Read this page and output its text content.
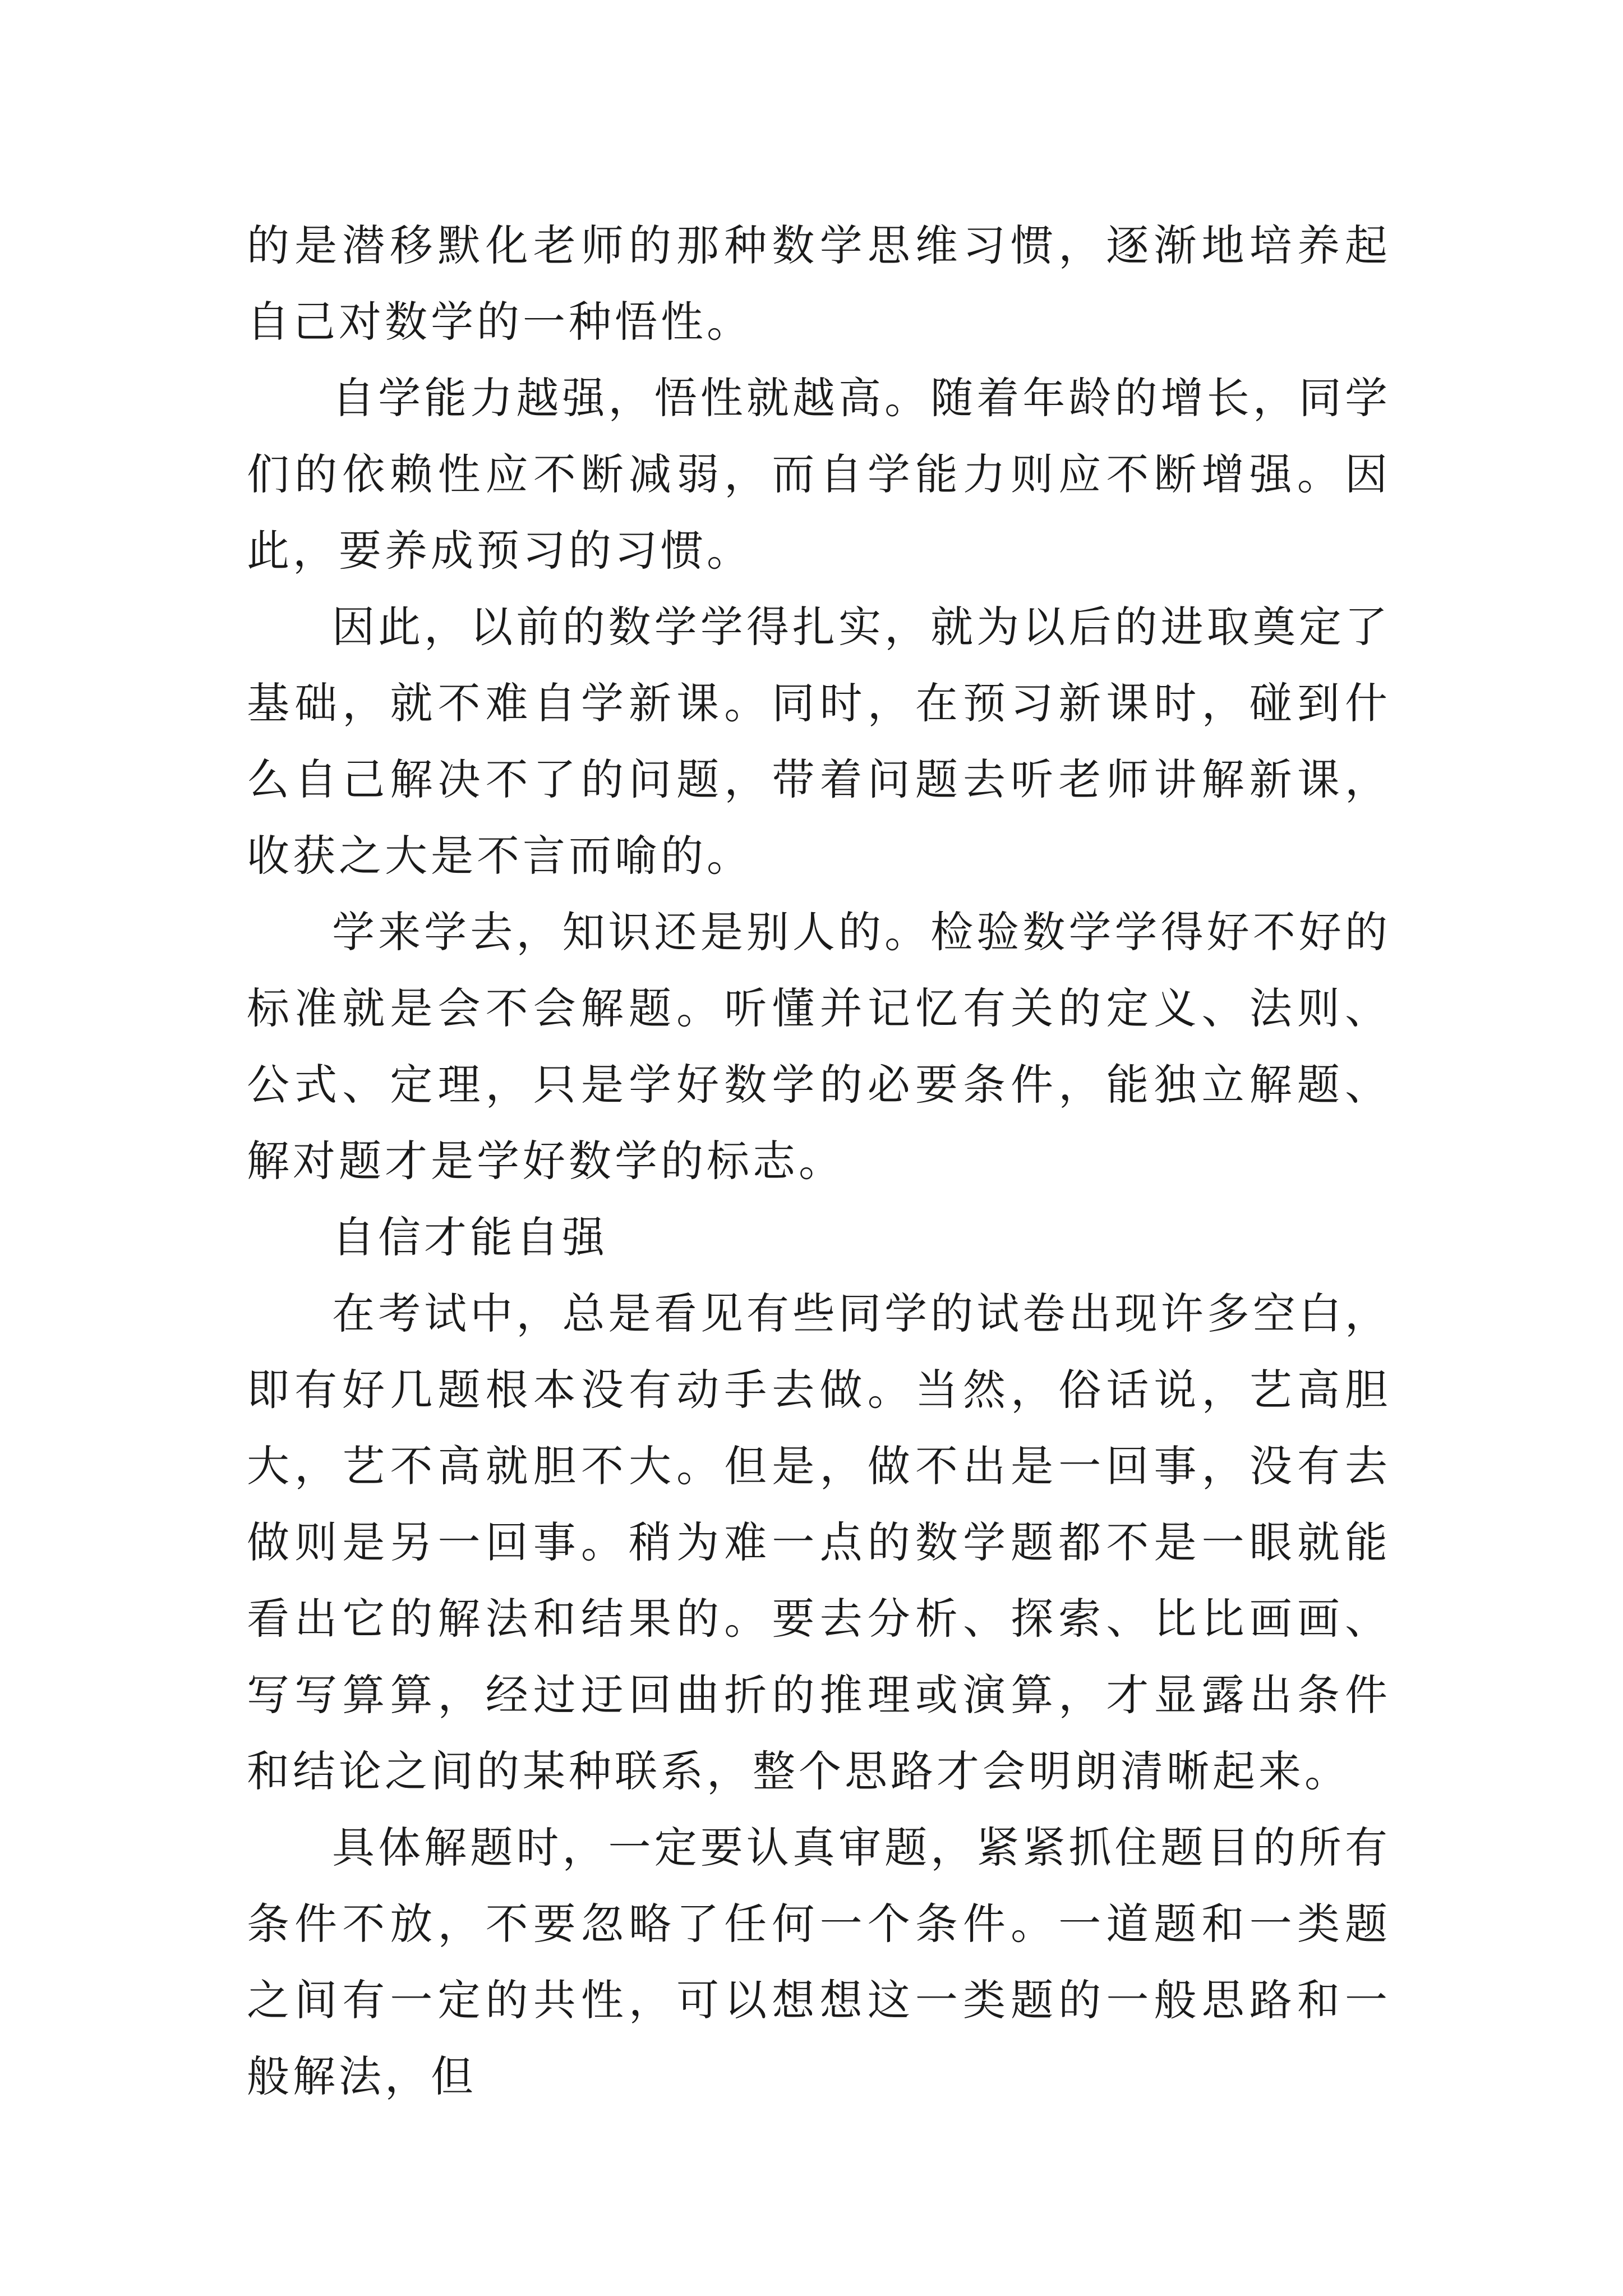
的是潜移默化老师的那种数学思维习惯，逐渐地培养起自己对数学的一种悟性。

自学能力越强，悟性就越高。随着年龄的增长，同学们的依赖性应不断减弱，而自学能力则应不断增强。因此，要养成预习的习惯。

因此，以前的数学学得扎实，就为以后的进取奠定了基础，就不难自学新课。同时，在预习新课时，碰到什么自己解决不了的问题，带着问题去听老师讲解新课，收获之大是不言而喻的。

学来学去，知识还是别人的。检验数学学得好不好的标准就是会不会解题。听懂并记忆有关的定义、法则、公式、定理，只是学好数学的必要条件，能独立解题、解对题才是学好数学的标志。

自信才能自强

在考试中，总是看见有些同学的试卷出现许多空白，即有好几题根本没有动手去做。当然，俗话说，艺高胆大，艺不高就胆不大。但是，做不出是一回事，没有去做则是另一回事。稍为难一点的数学题都不是一眼就能看出它的解法和结果的。要去分析、探索、比比画画、写写算算，经过迂回曲折的推理或演算，才显露出条件和结论之间的某种联系，整个思路才会明朗清晰起来。

具体解题时，一定要认真审题，紧紧抓住题目的所有条件不放，不要忽略了任何一个条件。一道题和一类题之间有一定的共性，可以想想这一类题的一般思路和一般解法，但
